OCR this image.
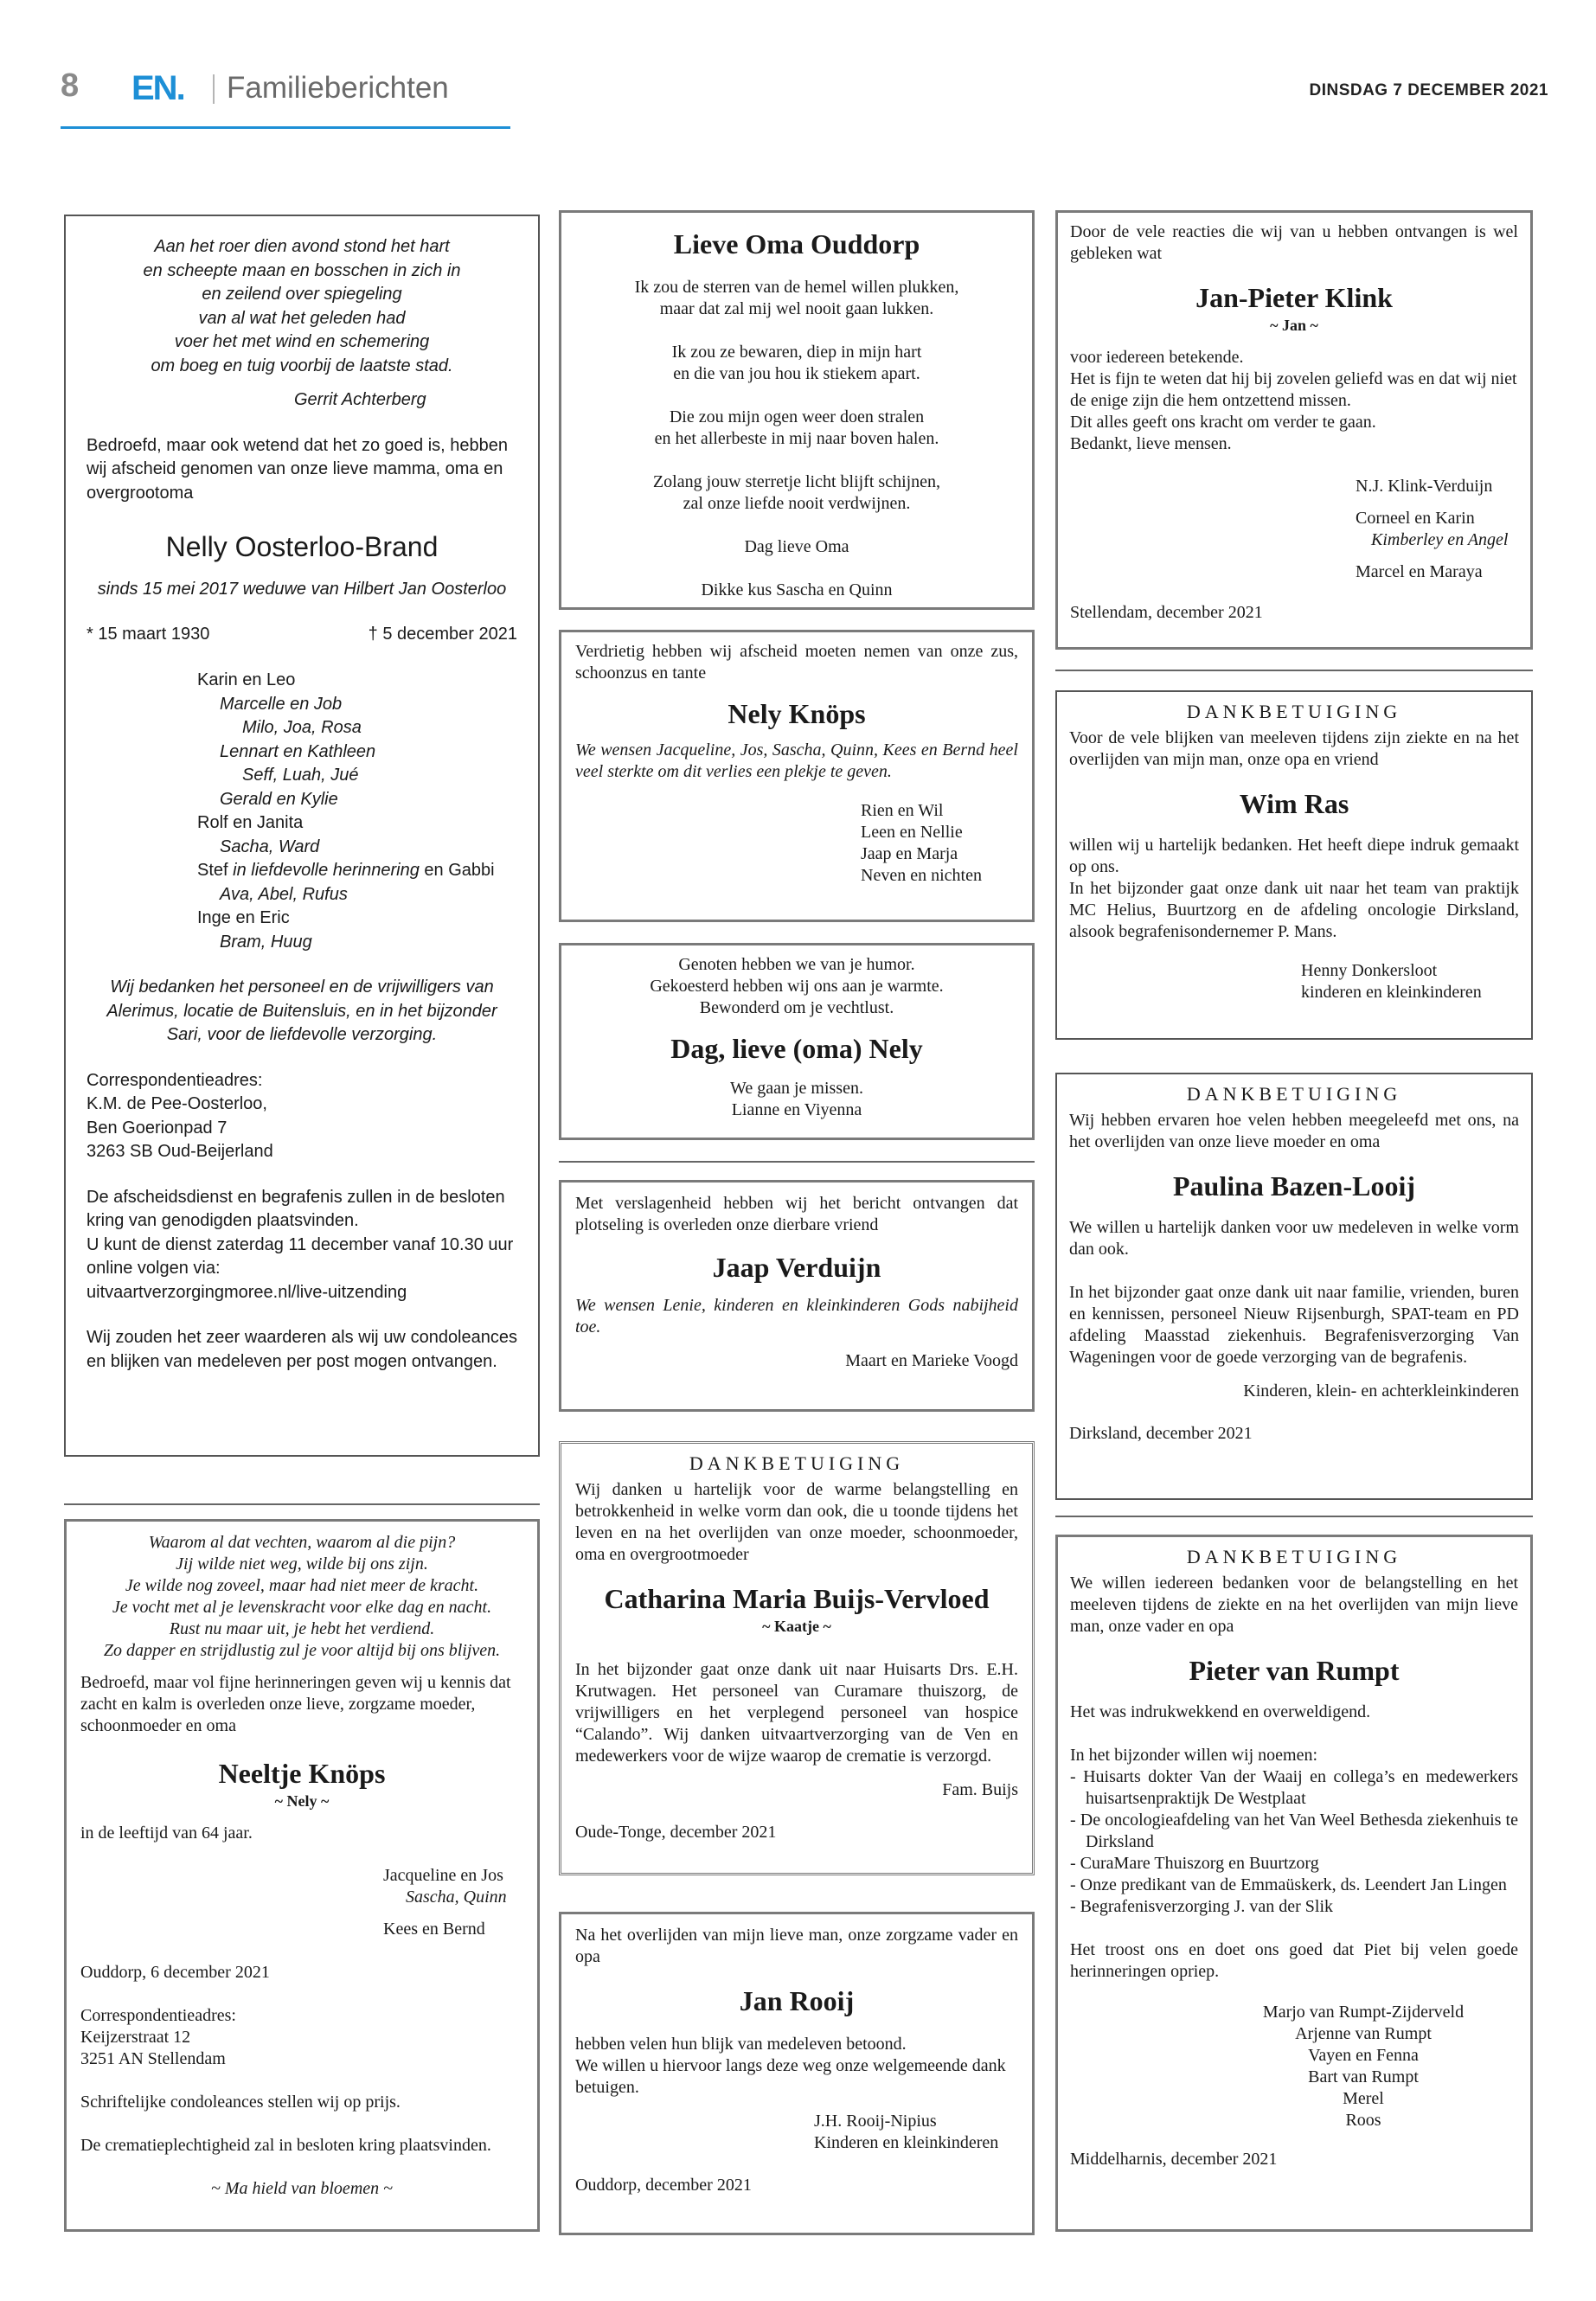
8 EN. Familieberichten	DINSDAG 7 DECEMBER 2021

Aan het roer dien avond stond het hart

en scheepte maan en bosschen in zich in

en zeilend over spiegeling

van al wat het geleden had

voer het met wind en schemering

om boeg en tuig voorbij de laatste stad.

Gerrit Achterberg

Bedroefd, maar ook wetend dat het zo goed is, hebben wij afscheid genomen van onze lieve mamma, oma en overgrootoma

Nelly Oosterloo-Brand

sinds 15 mei 2017 weduwe van Hilbert Jan Oosterloo

* 15 maart 1930	† 5 december 2021

Karin en Leo

Marcelle en Job

Milo, Joa, Rosa

Lennart en Kathleen

Seff, Luah, Jué

Gerald en Kylie

Rolf en Janita

Sacha, Ward

Stef in liefdevolle herinnering en Gabbi

Ava, Abel, Rufus

Inge en Eric

Bram, Huug

Wij bedanken het personeel en de vrijwilligers van Alerimus, locatie de Buitensluis, en in het bijzonder Sari, voor de liefdevolle verzorging.

Correspondentieadres:

K.M. de Pee-Oosterloo,

Ben Goerionpad 7

3263 SB Oud-Beijerland

De afscheidsdienst en begrafenis zullen in de besloten kring van genodigden plaatsvinden.

U kunt de dienst zaterdag 11 december vanaf 10.30 uur online volgen via:

uitvaartverzorgingmoree.nl/live-uitzending

Wij zouden het zeer waarderen als wij uw condoleances en blijken van medeleven per post mogen ontvangen.

Waarom al dat vechten, waarom al die pijn?

Jij wilde niet weg, wilde bij ons zijn.

Je wilde nog zoveel, maar had niet meer de kracht.

Je vocht met al je levenskracht voor elke dag en nacht.

Rust nu maar uit, je hebt het verdiend.

Zo dapper en strijdlustig zul je voor altijd bij ons blijven.

Bedroefd, maar vol fijne herinneringen geven wij u kennis dat zacht en kalm is overleden onze lieve, zorgzame moeder, schoonmoeder en oma

Neeltje Knöps

~ Nely ~

in de leeftijd van 64 jaar.

Jacqueline en Jos

Sascha, Quinn

Kees en Bernd

Ouddorp, 6 december 2021

Correspondentieadres:

Keijzerstraat 12

3251 AN Stellendam

Schriftelijke condoleances stellen wij op prijs.

De crematieplechtigheid zal in besloten kring plaatsvinden.

~ Ma hield van bloemen ~

Lieve Oma Ouddorp

Ik zou de sterren van de hemel willen plukken,

maar dat zal mij wel nooit gaan lukken.

Ik zou ze bewaren, diep in mijn hart

en die van jou hou ik stiekem apart.

Die zou mijn ogen weer doen stralen

en het allerbeste in mij naar boven halen.

Zolang jouw sterretje licht blijft schijnen,

zal onze liefde nooit verdwijnen.

Dag lieve Oma

Dikke kus Sascha en Quinn

Verdrietig hebben wij afscheid moeten nemen van onze zus, schoonzus en tante

Nely Knöps

We wensen Jacqueline, Jos, Sascha, Quinn, Kees en Bernd heel veel sterkte om dit verlies een plekje te geven.

Rien en Wil

Leen en Nellie

Jaap en Marja

Neven en nichten

Genoten hebben we van je humor.

Gekoesterd hebben wij ons aan je warmte.

Bewonderd om je vechtlust.

Dag, lieve (oma) Nely

We gaan je missen.

Lianne en Viyenna

Met verslagenheid hebben wij het bericht ontvangen dat plotseling is overleden onze dierbare vriend

Jaap Verduijn

We wensen Lenie, kinderen en kleinkinderen Gods nabijheid toe.

Maart en Marieke Voogd

DANKBETUIGING

Wij danken u hartelijk voor de warme belangstelling en betrokkenheid in welke vorm dan ook, die u toonde tijdens het leven en na het overlijden van onze moeder, schoonmoeder, oma en overgrootmoeder

Catharina Maria Buijs-Vervloed

~ Kaatje ~

In het bijzonder gaat onze dank uit naar Huisarts Drs. E.H. Krutwagen. Het personeel van Curamare thuiszorg, de vrijwilligers en het verplegend personeel van hospice “Calando”. Wij danken uitvaartverzorging van de Ven en medewerkers voor de wijze waarop de crematie is verzorgd.

Fam. Buijs

Oude-Tonge, december 2021

Na het overlijden van mijn lieve man, onze zorgzame vader en opa

Jan Rooij

hebben velen hun blijk van medeleven betoond.

We willen u hiervoor langs deze weg onze welgemeende dank betuigen.

J.H. Rooij-Nipius

Kinderen en kleinkinderen

Ouddorp, december 2021

Door de vele reacties die wij van u hebben ontvangen is wel gebleken wat

Jan-Pieter Klink

~ Jan ~

voor iedereen betekende.

Het is fijn te weten dat hij bij zovelen geliefd was en dat wij niet de enige zijn die hem ontzettend missen.

Dit alles geeft ons kracht om verder te gaan.

Bedankt, lieve mensen.

N.J. Klink-Verduijn

Corneel en Karin

Kimberley en Angel

Marcel en Maraya

Stellendam, december 2021

DANKBETUIGING

Voor de vele blijken van meeleven tijdens zijn ziekte en na het overlijden van mijn man, onze opa en vriend

Wim Ras

willen wij u hartelijk bedanken. Het heeft diepe indruk gemaakt op ons.

In het bijzonder gaat onze dank uit naar het team van praktijk MC Helius, Buurtzorg en de afdeling oncologie Dirksland, alsook begrafenisondernemer P. Mans.

Henny Donkersloot

kinderen en kleinkinderen

DANKBETUIGING

Wij hebben ervaren hoe velen hebben meegeleefd met ons, na het overlijden van onze lieve moeder en oma

Paulina Bazen-Looij

We willen u hartelijk danken voor uw medeleven in welke vorm dan ook.

In het bijzonder gaat onze dank uit naar familie, vrienden, buren en kennissen, personeel Nieuw Rijsenburgh, SPAT-team en PD afdeling Maasstad ziekenhuis. Begrafenisverzorging Van Wageningen voor de goede verzorging van de begrafenis.

Kinderen, klein- en achterkleinkinderen

Dirksland, december 2021

DANKBETUIGING

We willen iedereen bedanken voor de belangstelling en het meeleven tijdens de ziekte en na het overlijden van mijn lieve man, onze vader en opa

Pieter van Rumpt

Het was indrukwekkend en overweldigend.

In het bijzonder willen wij noemen:

- Huisarts dokter Van der Waaij en collega’s en medewerkers huisartsenpraktijk De Westplaat
- De oncologieafdeling van het Van Weel Bethesda ziekenhuis te Dirksland
- CuraMare Thuiszorg en Buurtzorg
- Onze predikant van de Emmaüskerk, ds. Leendert Jan Lingen
- Begrafenisverzorging J. van der Slik

Het troost ons en doet ons goed dat Piet bij velen goede herinneringen opriep.

Marjo van Rumpt-Zijderveld

Arjenne van Rumpt

Vayen en Fenna

Bart van Rumpt

Merel

Roos

Middelharnis, december 2021
